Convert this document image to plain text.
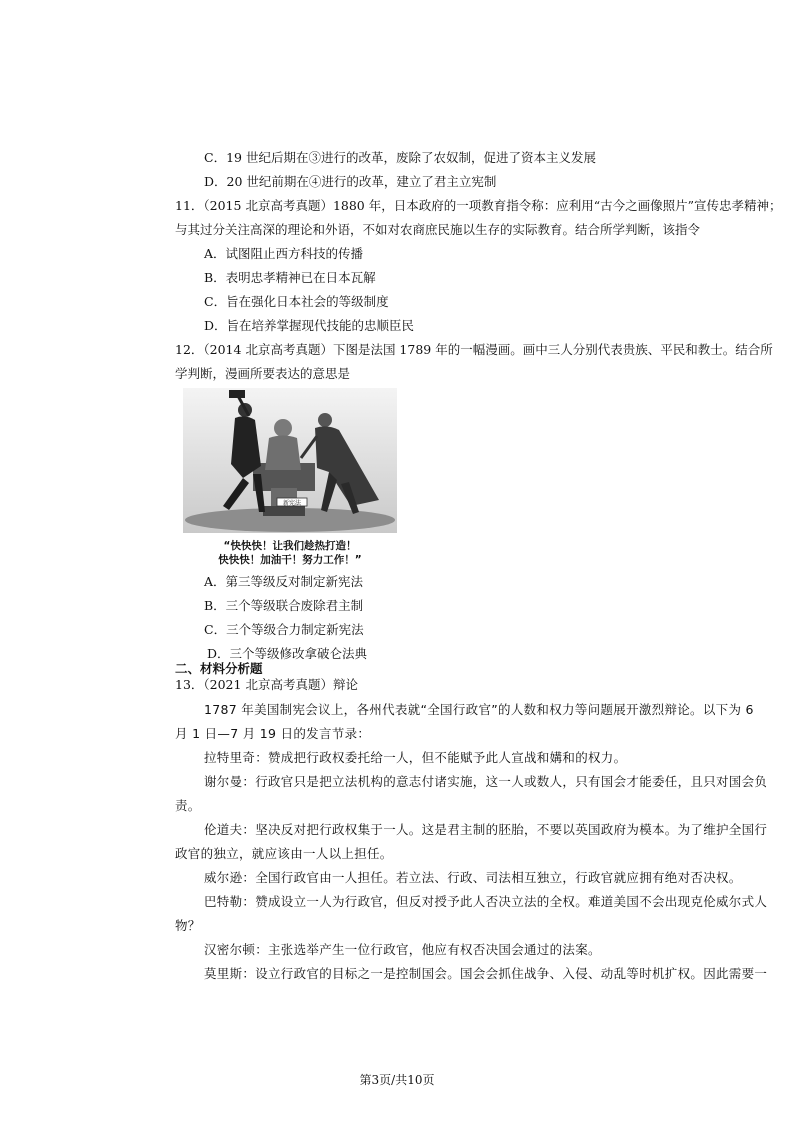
C．19 世纪后期在③进行的改革，废除了农奴制，促进了资本主义发展
D．20 世纪前期在④进行的改革，建立了君主立宪制
11．（2015 北京高考真题）1880 年，日本政府的一项教育指令称：应利用“古今之画像照片”宣传忠孝精神；
与其过分关注高深的理论和外语，不如对农商庶民施以生存的实际教育。结合所学判断，该指令
A．试图阻止西方科技的传播
B．表明忠孝精神已在日本瓦解
C．旨在强化日本社会的等级制度
D．旨在培养掌握现代技能的忠顺臣民
12．（2014 北京高考真题）下图是法国 1789 年的一幅漫画。画中三人分别代表贵族、平民和教士。结合所
学判断，漫画所要表达的意思是
新宪法
“快快快！让我们趁热打造！
快快快！加油干！努力工作！”
A．第三等级反对制定新宪法
B．三个等级联合废除君主制
C．三个等级合力制定新宪法
D．三个等级修改拿破仑法典
二、材料分析题
13．（2021 北京高考真题）辩论
1787 年美国制宪会议上，各州代表就“全国行政官”的人数和权力等问题展开激烈辩论。以下为 6
月 1 日—7 月 19 日的发言节录：
拉特里奇：赞成把行政权委托给一人，但不能赋予此人宣战和媾和的权力。
谢尔曼：行政官只是把立法机构的意志付诸实施，这一人或数人，只有国会才能委任，且只对国会负
责。
伦道夫：坚决反对把行政权集于一人。这是君主制的胚胎，不要以英国政府为模本。为了维护全国行
政官的独立，就应该由一人以上担任。
威尔逊：全国行政官由一人担任。若立法、行政、司法相互独立，行政官就应拥有绝对否决权。
巴特勒：赞成设立一人为行政官，但反对授予此人否决立法的全权。难道美国不会出现克伦威尔式人
物？
汉密尔顿：主张选举产生一位行政官，他应有权否决国会通过的法案。
莫里斯：设立行政官的目标之一是控制国会。国会会抓住战争、入侵、动乱等时机扩权。因此需要一
第3页/共10页
